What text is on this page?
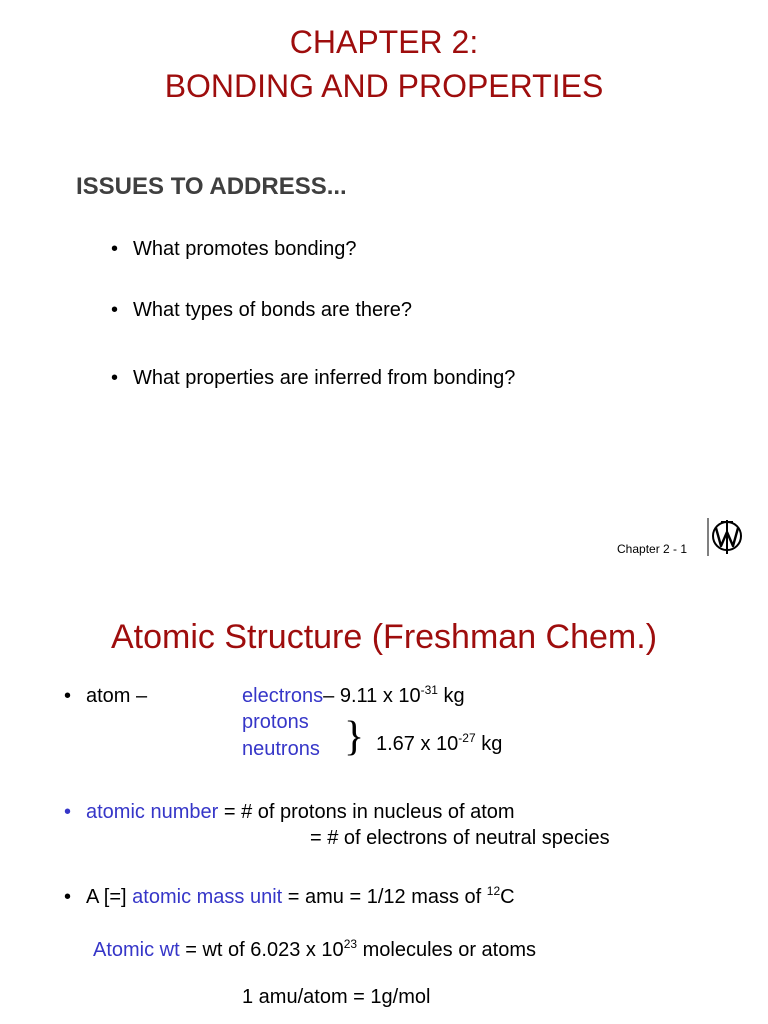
CHAPTER 2:
BONDING AND PROPERTIES
ISSUES TO ADDRESS...
• What promotes bonding?
• What types of bonds are there?
• What properties are inferred from bonding?
Chapter 2 - 1
Atomic Structure (Freshman Chem.)
• atom –	electrons– 9.11 x $10^{-31}$ kg
protons
neutrons } 1.67 x $10^{-27}$ kg
• atomic number = # of protons in nucleus of atom
= # of electrons of neutral species
• A [=] atomic mass unit = amu = 1/12 mass of $^{12}$C
Atomic wt = wt of 6.023 x $10^{23}$ molecules or atoms
1 amu/atom = 1g/mol
